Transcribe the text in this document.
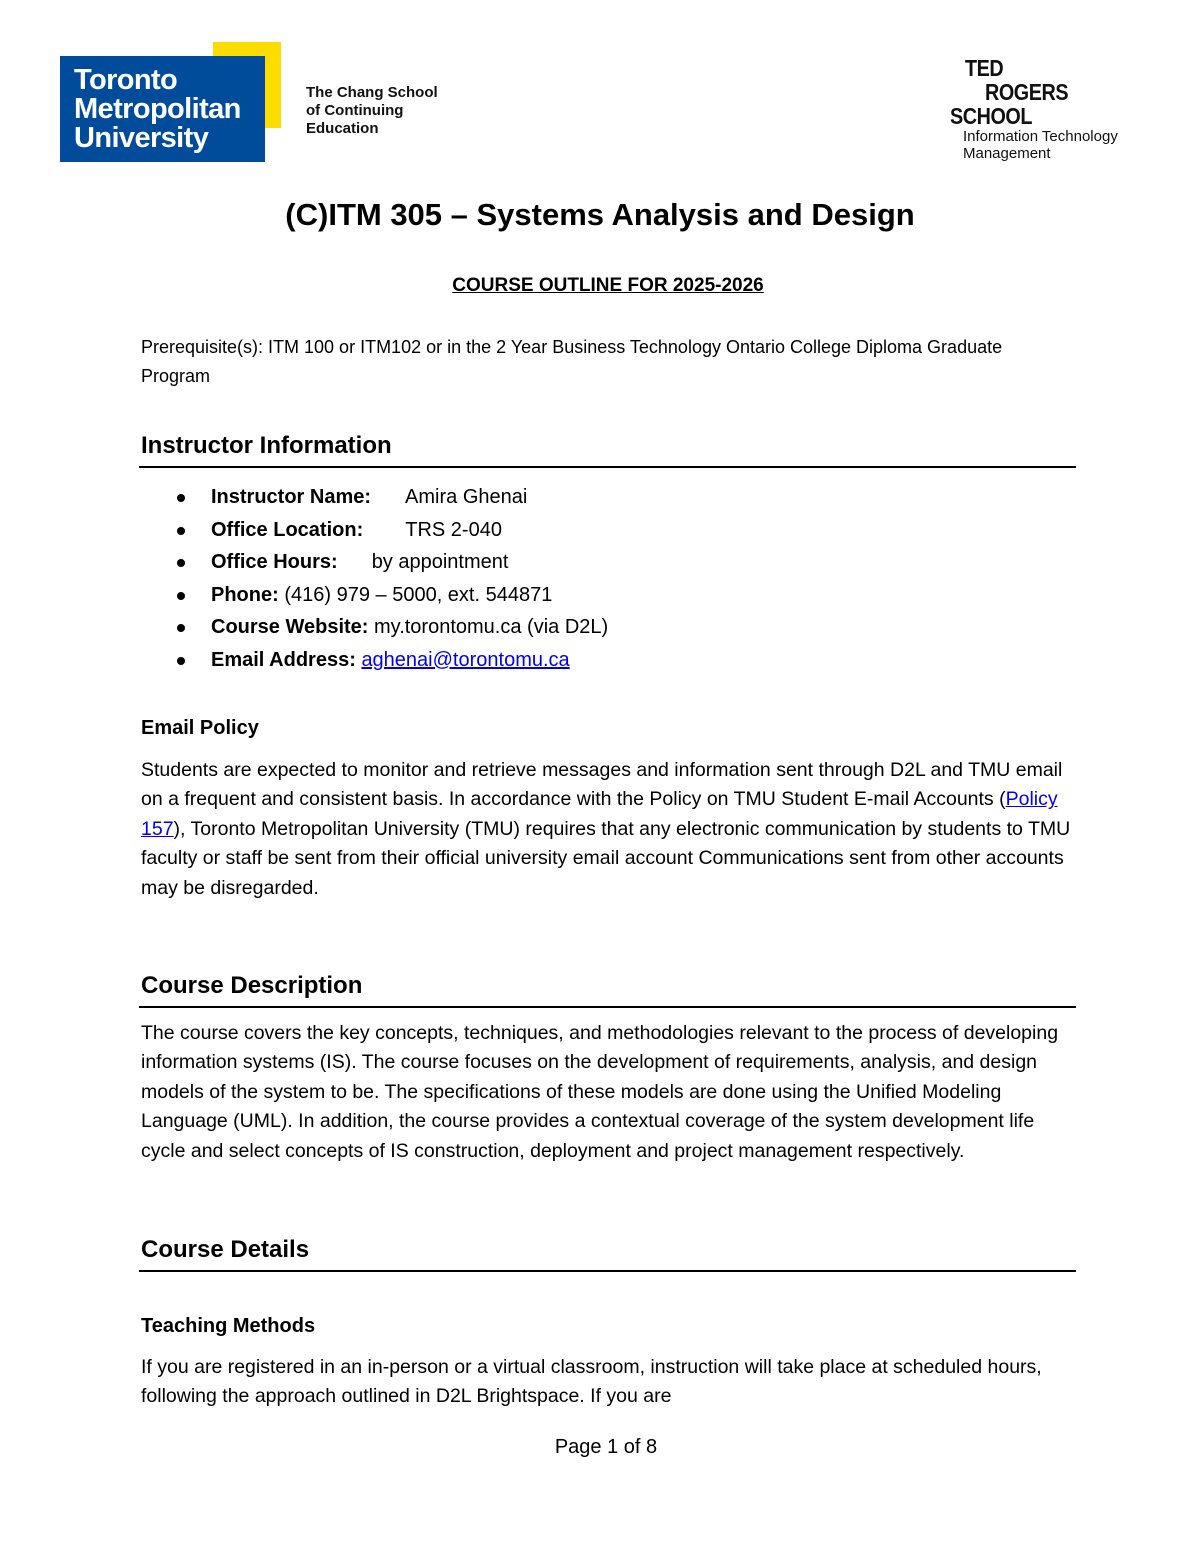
Toronto
Metropolitan
University
The Chang School
of Continuing
Education
TED
ROGERS
SCHOOL
Information Technology
Management
(C)ITM 305 – Systems Analysis and Design
COURSE OUTLINE FOR 2025-2026
Prerequisite(s): ITM 100 or ITM102 or in the 2 Year Business Technology Ontario College Diploma Graduate Program
Instructor Information
Instructor Name: Amira Ghenai
Office Location: TRS 2-040
Office Hours: by appointment
Phone: (416) 979 – 5000, ext. 544871
Course Website: my.torontomu.ca (via D2L)
Email Address: aghenai@torontomu.ca
Email Policy
Students are expected to monitor and retrieve messages and information sent through D2L and TMU email on a frequent and consistent basis. In accordance with the Policy on TMU Student E-mail Accounts (Policy 157), Toronto Metropolitan University (TMU) requires that any electronic communication by students to TMU faculty or staff be sent from their official university email account Communications sent from other accounts may be disregarded.
Course Description
The course covers the key concepts, techniques, and methodologies relevant to the process of developing information systems (IS). The course focuses on the development of requirements, analysis, and design models of the system to be. The specifications of these models are done using the Unified Modeling Language (UML). In addition, the course provides a contextual coverage of the system development life cycle and select concepts of IS construction, deployment and project management respectively.
Course Details
Teaching Methods
If you are registered in an in-person or a virtual classroom, instruction will take place at scheduled hours, following the approach outlined in D2L Brightspace. If you are
Page 1 of 8
